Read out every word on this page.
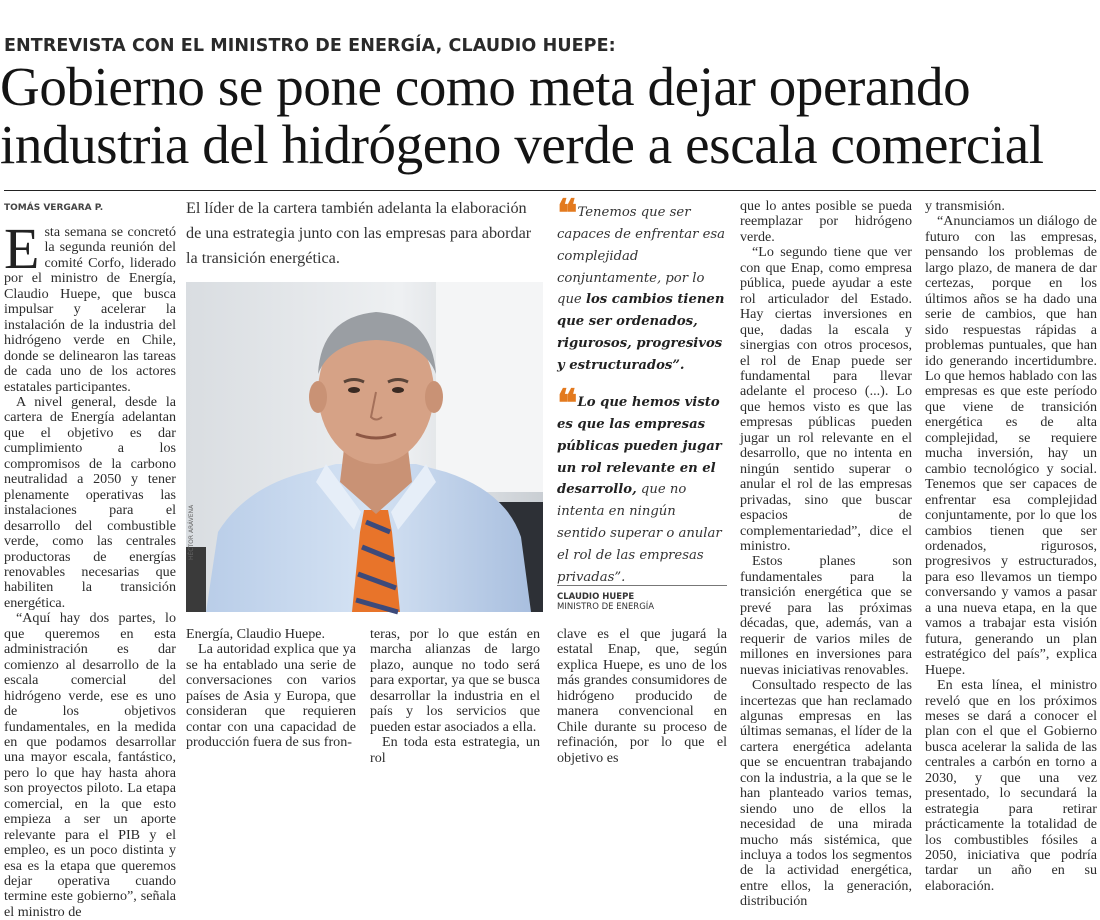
ENTREVISTA CON EL MINISTRO DE ENERGÍA, CLAUDIO HUEPE:
Gobierno se pone como meta dejar operando
industria del hidrógeno verde a escala comercial
TOMÁS VERGARA P.

Esta semana se concretó la segunda reunión del comité Corfo, liderado por el ministro de Energía, Claudio Huepe, que busca impulsar y acelerar la instalación de la industria del hidrógeno verde en Chile, donde se delinearon las tareas de cada uno de los actores estatales participantes.

A nivel general, desde la cartera de Energía adelantan que el objetivo es dar cumplimiento a los compromisos de la carbono neutralidad a 2050 y tener plenamente operativas las instalaciones para el desarrollo del combustible verde, como las centrales productoras de energías renovables necesarias que habiliten la transición energética.

“Aquí hay dos partes, lo que queremos en esta administración es dar comienzo al desarrollo de la escala comercial del hidrógeno verde, ese es uno de los objetivos fundamentales, en la medida en que podamos desarrollar una mayor escala, fantástico, pero lo que hay hasta ahora son proyectos piloto. La etapa comercial, en la que esto empieza a ser un aporte relevante para el PIB y el empleo, es un poco distinta y esa es la etapa que queremos dejar operativa cuando termine este gobierno”, señala el ministro de

El líder de la cartera también adelanta la elaboración de una estrategia junto con las empresas para abordar la transición energética.
HÉCTOR ARÁVENA

Energía, Claudio Huepe.

La autoridad explica que ya se ha entablado una serie de conversaciones con varios países de Asia y Europa, que consideran que requieren contar con una capacidad de producción fuera de sus fron-

teras, por lo que están en marcha alianzas de largo plazo, aunque no todo será para exportar, ya que se busca desarrollar la industria en el país y los servicios que pueden estar asociados a ella.

En toda esta estrategia, un rol

clave es el que jugará la estatal Enap, que, según explica Huepe, es uno de los más grandes consumidores de hidrógeno producido de manera convencional en Chile durante su proceso de refinación, por lo que el objetivo es

❝ Tenemos que ser capaces de enfrentar esa complejidad conjuntamente, por lo que los cambios tienen que ser ordenados, rigurosos, progresivos y estructurados”.
❝ Lo que hemos visto es que las empresas públicas pueden jugar un rol relevante en el desarrollo, que no intenta en ningún sentido superar o anular el rol de las empresas privadas”.
CLAUDIO HUEPE
MINISTRO DE ENERGÍA

que lo antes posible se pueda reemplazar por hidrógeno verde.

“Lo segundo tiene que ver con que Enap, como empresa pública, puede ayudar a este rol articulador del Estado. Hay ciertas inversiones en que, dadas la escala y sinergias con otros procesos, el rol de Enap puede ser fundamental para llevar adelante el proceso (...). Lo que hemos visto es que las empresas públicas pueden jugar un rol relevante en el desarrollo, que no intenta en ningún sentido superar o anular el rol de las empresas privadas, sino que buscar espacios de complementariedad”, dice el ministro.

Estos planes son fundamentales para la transición energética que se prevé para las próximas décadas, que, además, van a requerir de varios miles de millones en inversiones para nuevas iniciativas renovables.

Consultado respecto de las incertezas que han reclamado algunas empresas en las últimas semanas, el líder de la cartera energética adelanta que se encuentran trabajando con la industria, a la que se le han planteado varios temas, siendo uno de ellos la necesidad de una mirada mucho más sistémica, que incluya a todos los segmentos de la actividad energética, entre ellos, la generación, distribución

y transmisión.

“Anunciamos un diálogo de futuro con las empresas, pensando los problemas de largo plazo, de manera de dar certezas, porque en los últimos años se ha dado una serie de cambios, que han sido respuestas rápidas a problemas puntuales, que han ido generando incertidumbre. Lo que hemos hablado con las empresas es que este período que viene de transición energética es de alta complejidad, se requiere mucha inversión, hay un cambio tecnológico y social. Tenemos que ser capaces de enfrentar esa complejidad conjuntamente, por lo que los cambios tienen que ser ordenados, rigurosos, progresivos y estructurados, para eso llevamos un tiempo conversando y vamos a pasar a una nueva etapa, en la que vamos a trabajar esta visión futura, generando un plan estratégico del país”, explica Huepe.

En esta línea, el ministro reveló que en los próximos meses se dará a conocer el plan con el que el Gobierno busca acelerar la salida de las centrales a carbón en torno a 2030, y que una vez presentado, lo secundará la estrategia para retirar prácticamente la totalidad de los combustibles fósiles a 2050, iniciativa que podría tardar un año en su elaboración.
